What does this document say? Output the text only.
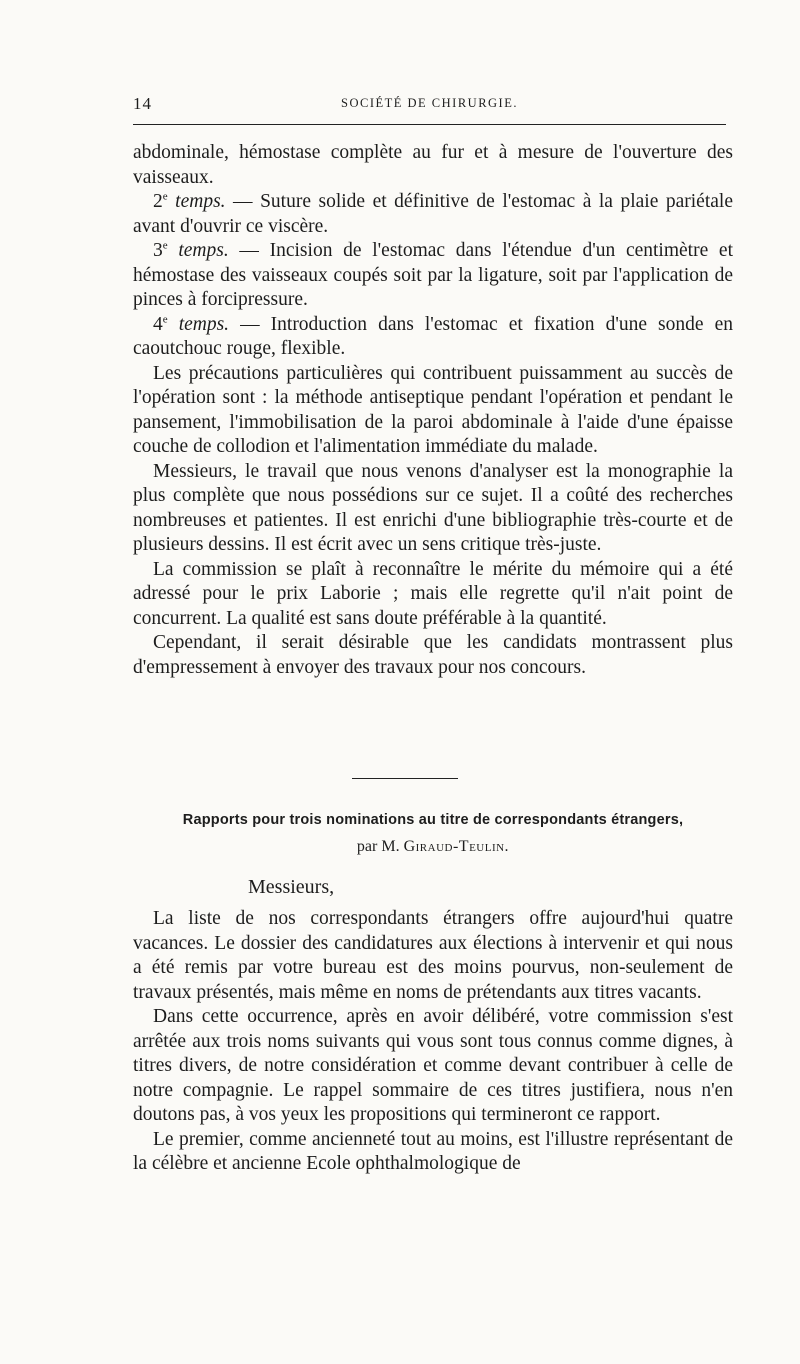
14	SOCIÉTÉ DE CHIRURGIE.

abdominale, hémostase complète au fur et à mesure de l'ouverture des vaisseaux.

2e temps. — Suture solide et définitive de l'estomac à la plaie pariétale avant d'ouvrir ce viscère.

3e temps. — Incision de l'estomac dans l'étendue d'un centimètre et hémostase des vaisseaux coupés soit par la ligature, soit par l'application de pinces à forcipressure.

4e temps. — Introduction dans l'estomac et fixation d'une sonde en caoutchouc rouge, flexible.

Les précautions particulières qui contribuent puissamment au succès de l'opération sont : la méthode antiseptique pendant l'opération et pendant le pansement, l'immobilisation de la paroi abdominale à l'aide d'une épaisse couche de collodion et l'alimentation immédiate du malade.

Messieurs, le travail que nous venons d'analyser est la monographie la plus complète que nous possédions sur ce sujet. Il a coûté des recherches nombreuses et patientes. Il est enrichi d'une bibliographie très-courte et de plusieurs dessins. Il est écrit avec un sens critique très-juste.

La commission se plaît à reconnaître le mérite du mémoire qui a été adressé pour le prix Laborie ; mais elle regrette qu'il n'ait point de concurrent. La qualité est sans doute préférable à la quantité.

Cependant, il serait désirable que les candidats montrassent plus d'empressement à envoyer des travaux pour nos concours.

Rapports pour trois nominations au titre de correspondants étrangers,
par M. Giraud-Teulin.
Messieurs,

La liste de nos correspondants étrangers offre aujourd'hui quatre vacances. Le dossier des candidatures aux élections à intervenir et qui nous a été remis par votre bureau est des moins pourvus, non-seulement de travaux présentés, mais même en noms de prétendants aux titres vacants.

Dans cette occurrence, après en avoir délibéré, votre commission s'est arrêtée aux trois noms suivants qui vous sont tous connus comme dignes, à titres divers, de notre considération et comme devant contribuer à celle de notre compagnie. Le rappel sommaire de ces titres justifiera, nous n'en doutons pas, à vos yeux les propositions qui termineront ce rapport.

Le premier, comme ancienneté tout au moins, est l'illustre représentant de la célèbre et ancienne Ecole ophthalmologique de
